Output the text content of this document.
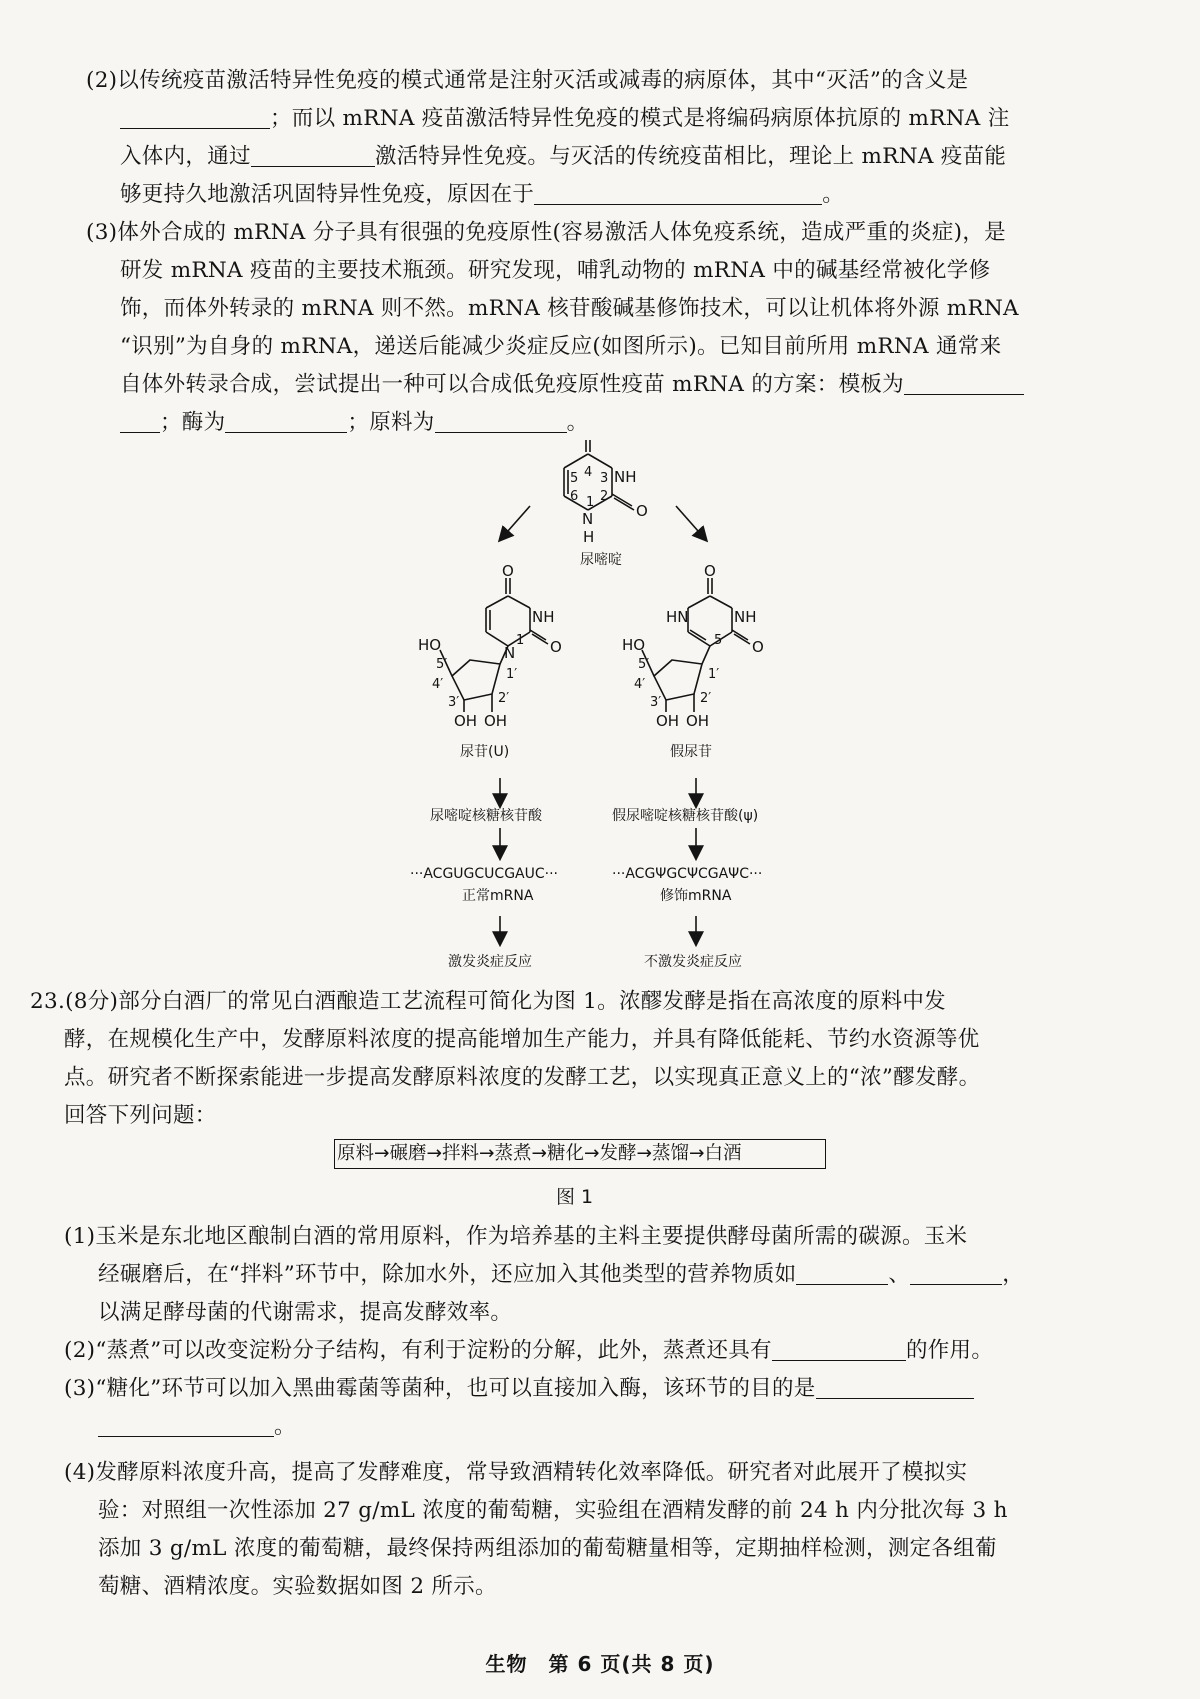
(2)以传统疫苗激活特异性免疫的模式通常是注射灭活或减毒的病原体，其中“灭活”的含义是
；而以 mRNA 疫苗激活特异性免疫的模式是将编码病原体抗原的 mRNA 注
入体内，通过	激活特异性免疫。与灭活的传统疫苗相比，理论上 mRNA 疫苗能
够更持久地激活巩固特异性免疫，原因在于	。
(3)体外合成的 mRNA 分子具有很强的免疫原性(容易激活人体免疫系统，造成严重的炎症)，是
研发 mRNA 疫苗的主要技术瓶颈。研究发现，哺乳动物的 mRNA 中的碱基经常被化学修
饰，而体外转录的 mRNA 则不然。mRNA 核苷酸碱基修饰技术，可以让机体将外源 mRNA
“识别”为自身的 mRNA，递送后能减少炎症反应(如图所示)。已知目前所用 mRNA 通常来
自体外转录合成，尝试提出一种可以合成低免疫原性疫苗 mRNA 的方案：模板为
；酶为	；原料为	。
NH
O
N
H
5 4 3
2
1
6
尿嘧啶
O
NH
O
N
1
HO
5′
4′
3′	2′
1′
OH OH
尿苷(U)
O
NH
O
HN
5
HO
5′
4′
3′	2′
1′
OH OH
假尿苷
尿嘧啶核糖核苷酸	假尿嘧啶核糖核苷酸(ψ)
···ACGUGCUCGAUC···	···ACGΨGCΨCGAΨC···
正常mRNA	修饰mRNA
激发炎症反应	不激发炎症反应
23.(8分)部分白酒厂的常见白酒酿造工艺流程可简化为图 1。浓醪发酵是指在高浓度的原料中发
酵，在规模化生产中，发酵原料浓度的提高能增加生产能力，并具有降低能耗、节约水资源等优
点。研究者不断探索能进一步提高发酵原料浓度的发酵工艺，以实现真正意义上的“浓”醪发酵。
回答下列问题：
原料→碾磨→拌料→蒸煮→糖化→发酵→蒸馏→白酒
图 1
(1)玉米是东北地区酿制白酒的常用原料，作为培养基的主料主要提供酵母菌所需的碳源。玉米
经碾磨后，在“拌料”环节中，除加水外，还应加入其他类型的营养物质如	、	，
以满足酵母菌的代谢需求，提高发酵效率。
(2)“蒸煮”可以改变淀粉分子结构，有利于淀粉的分解，此外，蒸煮还具有	的作用。
(3)“糖化”环节可以加入黑曲霉菌等菌种，也可以直接加入酶，该环节的目的是
。
(4)发酵原料浓度升高，提高了发酵难度，常导致酒精转化效率降低。研究者对此展开了模拟实
验：对照组一次性添加 27 g/mL 浓度的葡萄糖，实验组在酒精发酵的前 24 h 内分批次每 3 h
添加 3 g/mL 浓度的葡萄糖，最终保持两组添加的葡萄糖量相等，定期抽样检测，测定各组葡
萄糖、酒精浓度。实验数据如图 2 所示。
生物　第 6 页(共 8 页)
